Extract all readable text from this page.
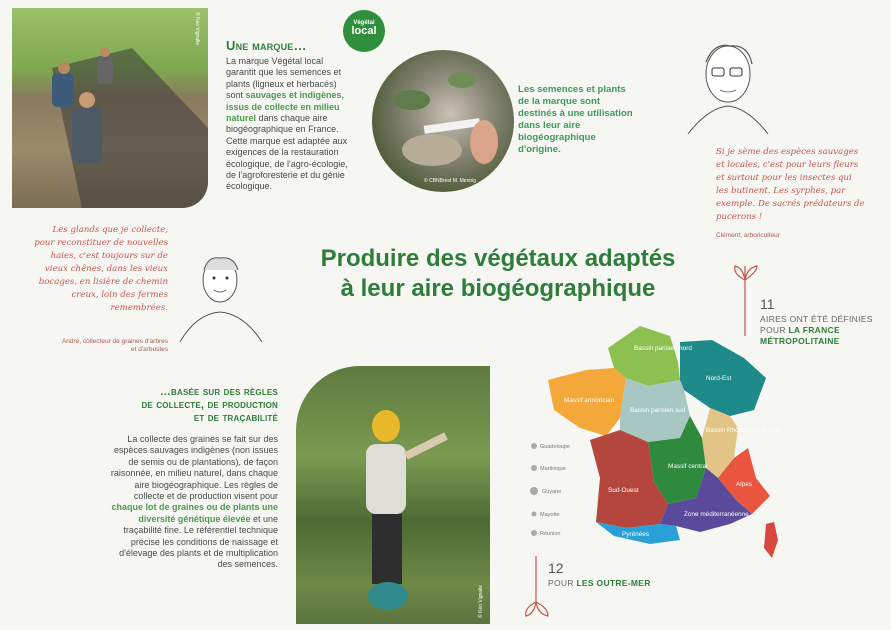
© Kéo Vignalle	Végétal
local
Une marque…
La marque Végétal local garantit que les semences et plants (ligneux et herbacés) sont sauvages et indigènes, issus de collecte en milieu naturel dans chaque aire biogéographique en France. Cette marque est adaptée aux exigences de la restauration écologique, de l'agro-écologie, de l'agroforesterie et du génie écologique.
© CBNBrest M. Mennig
Les semences et plants de la marque sont destinés à une utilisation dans leur aire biogéographique d'origine.	Si je sème des espèces sauvages et locales, c'est pour leurs fleurs et surtout pour les insectes qui les butinent. Les syrphes, par exemple. De sacrés prédateurs de pucerons !
Clément, arboriculteur
Les glands que je collecte, pour reconstituer de nouvelles haies, c'est toujours sur de vieux chênes, dans les vieux bocages, en lisière de chemin creux, loin des fermes remembrées.
André, collecteur de graines d'arbres et d'arbustes
Produire des végétaux adaptés
à leur aire biogéographique
…basée sur des règles
de collecte, de production
et de traçabilité
La collecte des graines se fait sur des espèces sauvages indigènes (non issues de semis ou de plantations), de façon raisonnée, en milieu naturel, dans chaque aire biogéographique. Les règles de collecte et de production visent pour chaque lot de graines ou de plants une diversité génétique élevée et une traçabilité fine. Le référentiel technique précise les conditions de naissage et d'élevage des plants et de multiplication des semences.
© Kéo Vignalle
11
AIRES ONT ÉTÉ DÉFINIES POUR LA FRANCE MÉTROPOLITAINE
12
POUR LES OUTRE-MER
Bassin parisien nord
Nord-Est
Massif armoricain
Bassin parisien sud
Bassin Rhône Saône Jura
Massif central
Sud-Ouest
Alpes
Zone méditerranéenne
Pyrénées
Guadeloupe
Martinique
Guyane
Mayotte
Réunion
